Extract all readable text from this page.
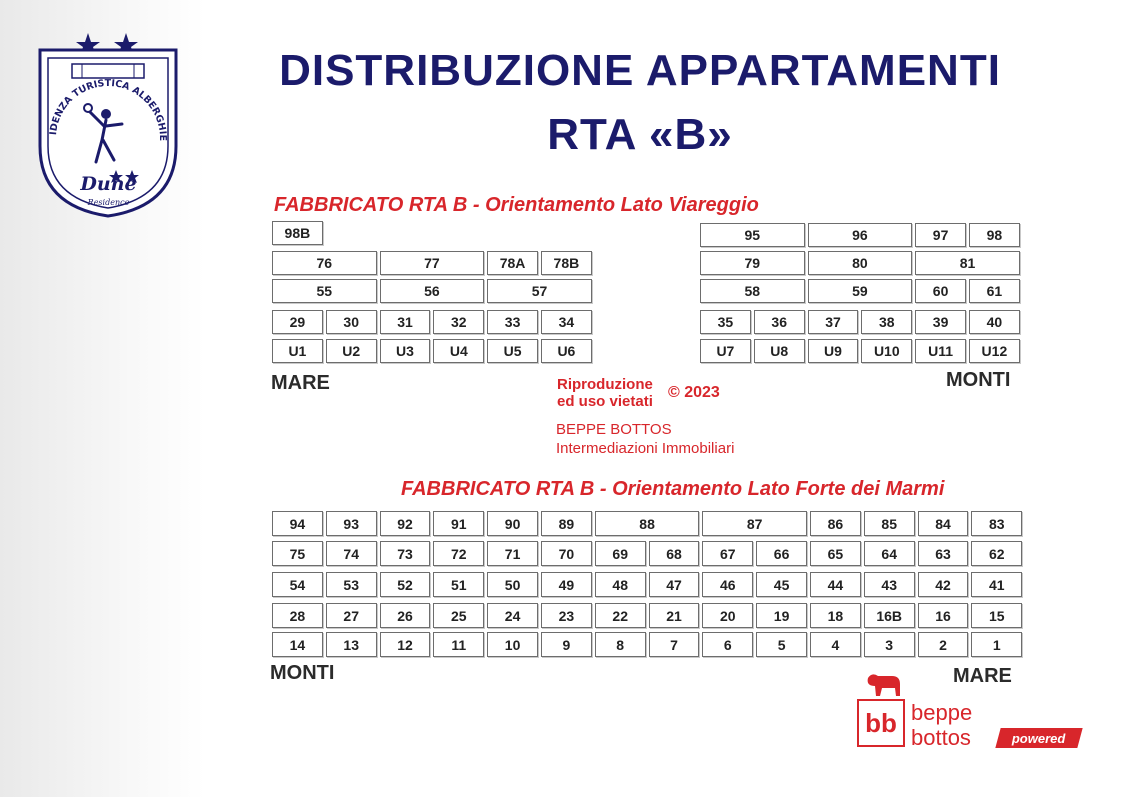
IDENZA TURISTICA ALBERGHIE
Dune
Residence
DISTRIBUZIONE APPARTAMENTI
RTA «B»
FABBRICATO RTA B - Orientamento Lato Viareggio
98B
76	77	78A	78B
55	56	57
29	30	31	32	33	34
U1	U2	U3	U4	U5	U6
95	96	97	98
79	80	81
58	59	60	61
35	36	37	38	39	40
U7	U8	U9	U10	U11	U12
MARE	MONTI
Riproduzione
ed uso vietati
© 2023
BEPPE BOTTOS
Intermediazioni Immobiliari
FABBRICATO RTA B - Orientamento Lato Forte dei Marmi
94	93	92	91	90	89	88	87	86	85	84	83
75	74	73	72	71	70	69	68	67	66	65	64	63	62
54	53	52	51	50	49	48	47	46	45	44	43	42	41
28	27	26	25	24	23	22	21	20	19	18	16B	16	15
14	13	12	11	10	9	8	7	6	5	4	3	2	1
MONTI	MARE
bb beppe
bottos	powered
